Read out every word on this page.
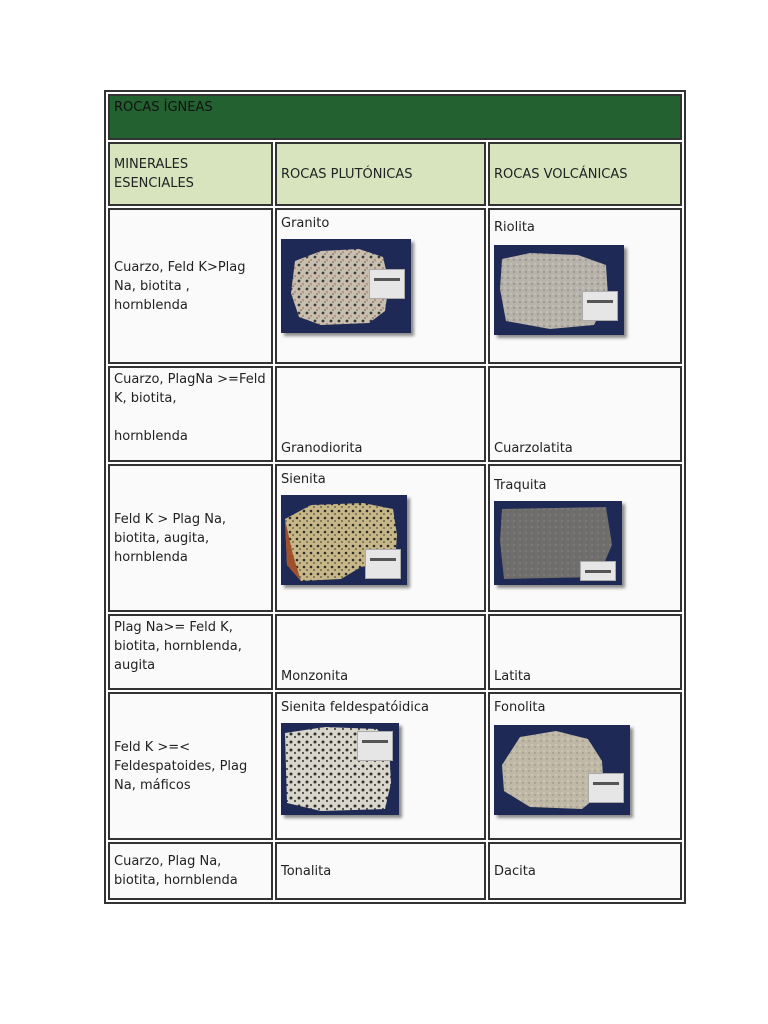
ROCAS ÍGNEAS		
MINERALES ESENCIALES	ROCAS PLUTÓNICAS	ROCAS VOLCÁNICAS
Cuarzo, Feld K>Plag Na, biotita , hornblenda	Granito	Riolita

Cuarzo, PlagNa >=Feld K, biotita,
hornblenda	Granodiorita	Cuarzolatita
Feld K > Plag Na, biotita, augita, hornblenda	Sienita	Traquita

Plag Na>= Feld K, biotita, hornblenda, augita	Monzonita	Latita
Feld K >=< Feldespatoides, Plag Na, máficos	Sienita feldespatóidica	Fonolita

Cuarzo, Plag Na, biotita, hornblenda	Tonalita	Dacita
